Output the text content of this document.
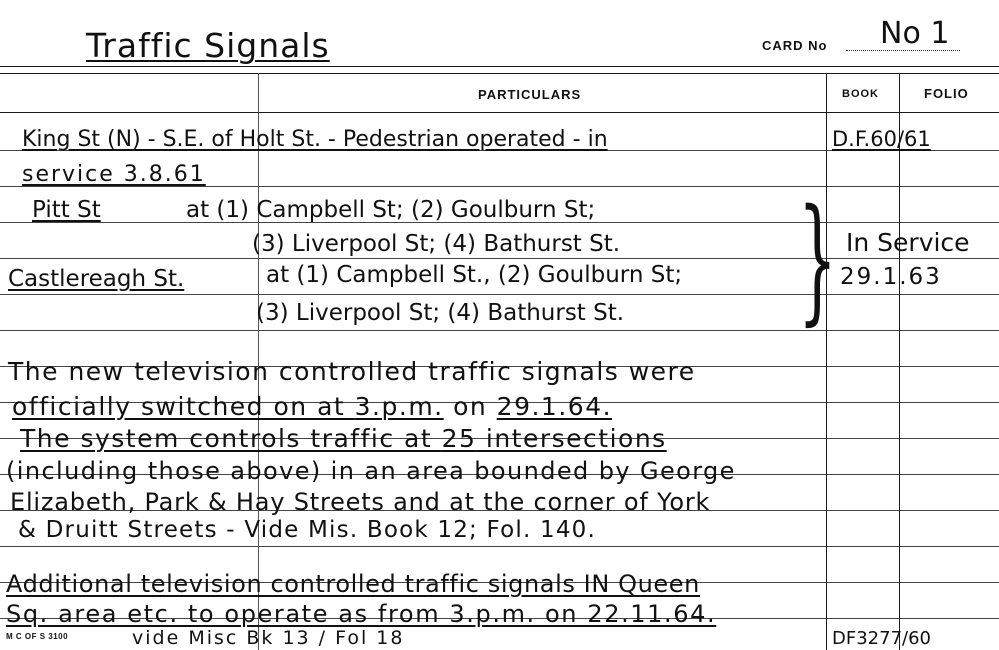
Traffic Signals	CARD No No 1
PARTICULARS	BOOK	FOLIO
King St (N) - S.E. of Holt St. - Pedestrian operated - in	D.F.60/61
service 3.8.61
Pitt St	at (1) Campbell St; (2) Goulburn St;
(3) Liverpool St; (4) Bathurst St.
Castlereagh St.	at (1) Campbell St., (2) Goulburn St;
(3) Liverpool St; (4) Bathurst St. } In Service
29.1.63
The new television controlled traffic signals were
officially switched on at 3.p.m. on 29.1.64.
The system controls traffic at 25 intersections
(including those above) in an area bounded by George
Elizabeth, Park & Hay Streets and at the corner of York
& Druitt Streets - Vide Mis. Book 12; Fol. 140.
Additional television controlled traffic signals IN Queen
Sq. area etc. to operate as from 3.p.m. on 22.11.64.
M C OF S 3100	vide Misc Bk 13 / Fol 18	DF3277/60
